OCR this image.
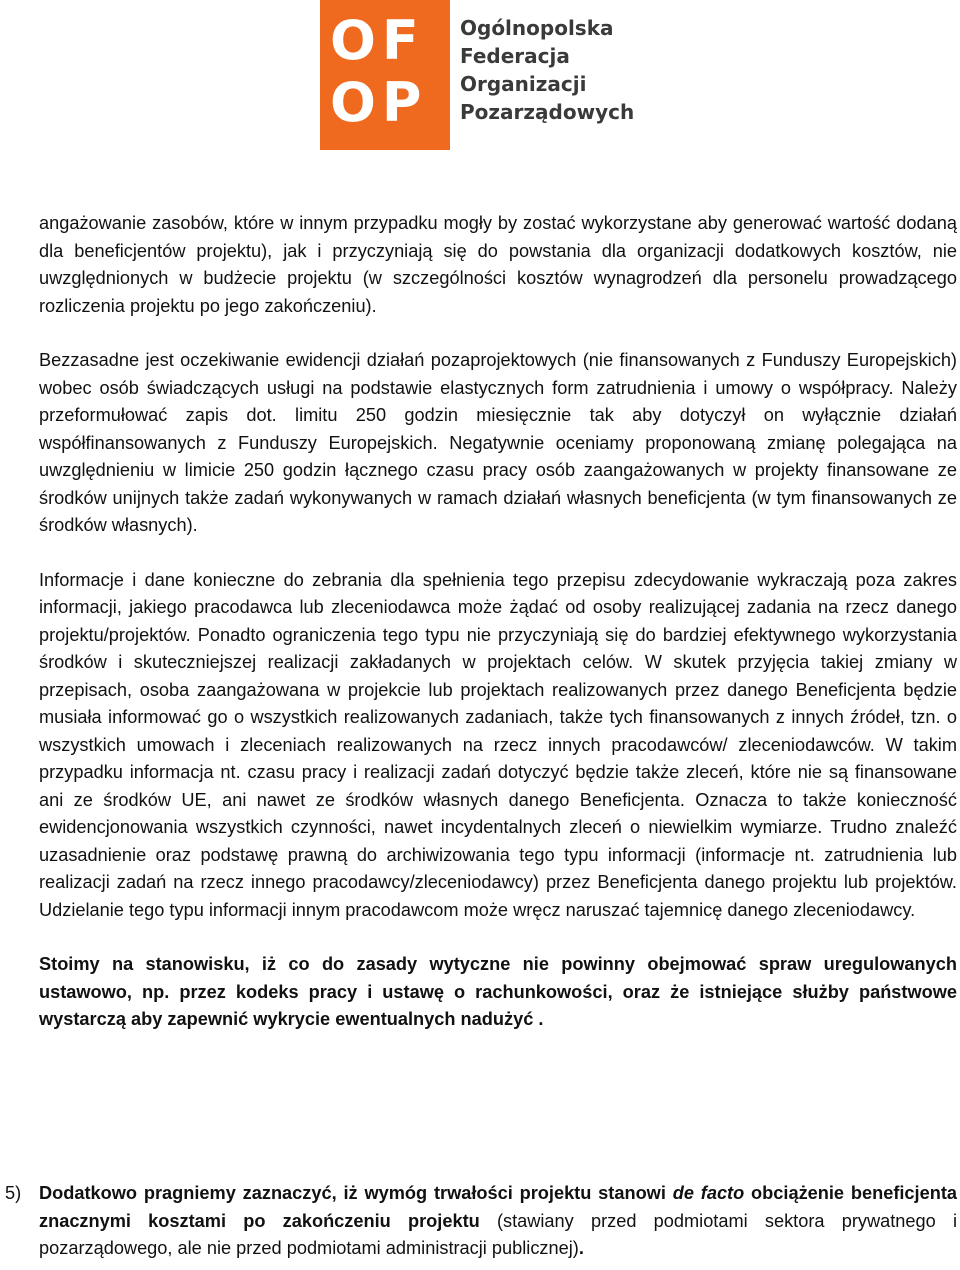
OF
OP
Ogólnopolska
Federacja
Organizacji
Pozarządowych

angażowanie zasobów, które w innym przypadku mogły by zostać wykorzystane aby generować wartość dodaną dla beneficjentów projektu), jak i przyczyniają się do powstania dla organizacji dodatkowych kosztów, nie uwzględnionych w budżecie projektu (w szczególności kosztów wynagrodzeń dla personelu prowadzącego rozliczenia projektu po jego zakończeniu).

Bezzasadne jest oczekiwanie ewidencji działań pozaprojektowych (nie finansowanych z Funduszy Europejskich) wobec osób świadczących usługi na podstawie elastycznych form zatrudnienia i umowy o współpracy. Należy przeformułować zapis dot. limitu 250 godzin miesięcznie tak aby dotyczył on wyłącznie działań współfinansowanych z Funduszy Europejskich. Negatywnie oceniamy proponowaną zmianę polegająca na uwzględnieniu w limicie 250 godzin łącznego czasu pracy osób zaangażowanych w projekty finansowane ze środków unijnych także zadań wykonywanych w ramach działań własnych beneficjenta (w tym finansowanych ze środków własnych).

Informacje i dane konieczne do zebrania dla spełnienia tego przepisu zdecydowanie wykraczają poza zakres informacji, jakiego pracodawca lub zleceniodawca może żądać od osoby realizującej zadania na rzecz danego projektu/projektów. Ponadto ograniczenia tego typu nie przyczyniają się do bardziej efektywnego wykorzystania środków i skuteczniejszej realizacji zakładanych w projektach celów. W skutek przyjęcia takiej zmiany w przepisach, osoba zaangażowana w projekcie lub projektach realizowanych przez danego Beneficjenta będzie musiała informować go o wszystkich realizowanych zadaniach, także tych finansowanych z innych źródeł, tzn. o wszystkich umowach i zleceniach realizowanych na rzecz innych pracodawców/ zleceniodawców. W takim przypadku informacja nt. czasu pracy i realizacji zadań dotyczyć będzie także zleceń, które nie są finansowane ani ze środków UE, ani nawet ze środków własnych danego Beneficjenta. Oznacza to także konieczność ewidencjonowania wszystkich czynności, nawet incydentalnych zleceń o niewielkim wymiarze. Trudno znaleźć uzasadnienie oraz podstawę prawną do archiwizowania tego typu informacji (informacje nt. zatrudnienia lub realizacji zadań na rzecz innego pracodawcy/zleceniodawcy) przez Beneficjenta danego projektu lub projektów. Udzielanie tego typu informacji innym pracodawcom może wręcz naruszać tajemnicę danego zleceniodawcy.

Stoimy na stanowisku, iż co do zasady wytyczne nie powinny obejmować spraw uregulowanych ustawowo, np. przez kodeks pracy i ustawę o rachunkowości, oraz że istniejące służby państwowe wystarczą aby zapewnić wykrycie ewentualnych nadużyć .

5) Dodatkowo pragniemy zaznaczyć, iż wymóg trwałości projektu stanowi de facto obciążenie beneficjenta znacznymi kosztami po zakończeniu projektu (stawiany przed podmiotami sektora prywatnego i pozarządowego, ale nie przed podmiotami administracji publicznej).
